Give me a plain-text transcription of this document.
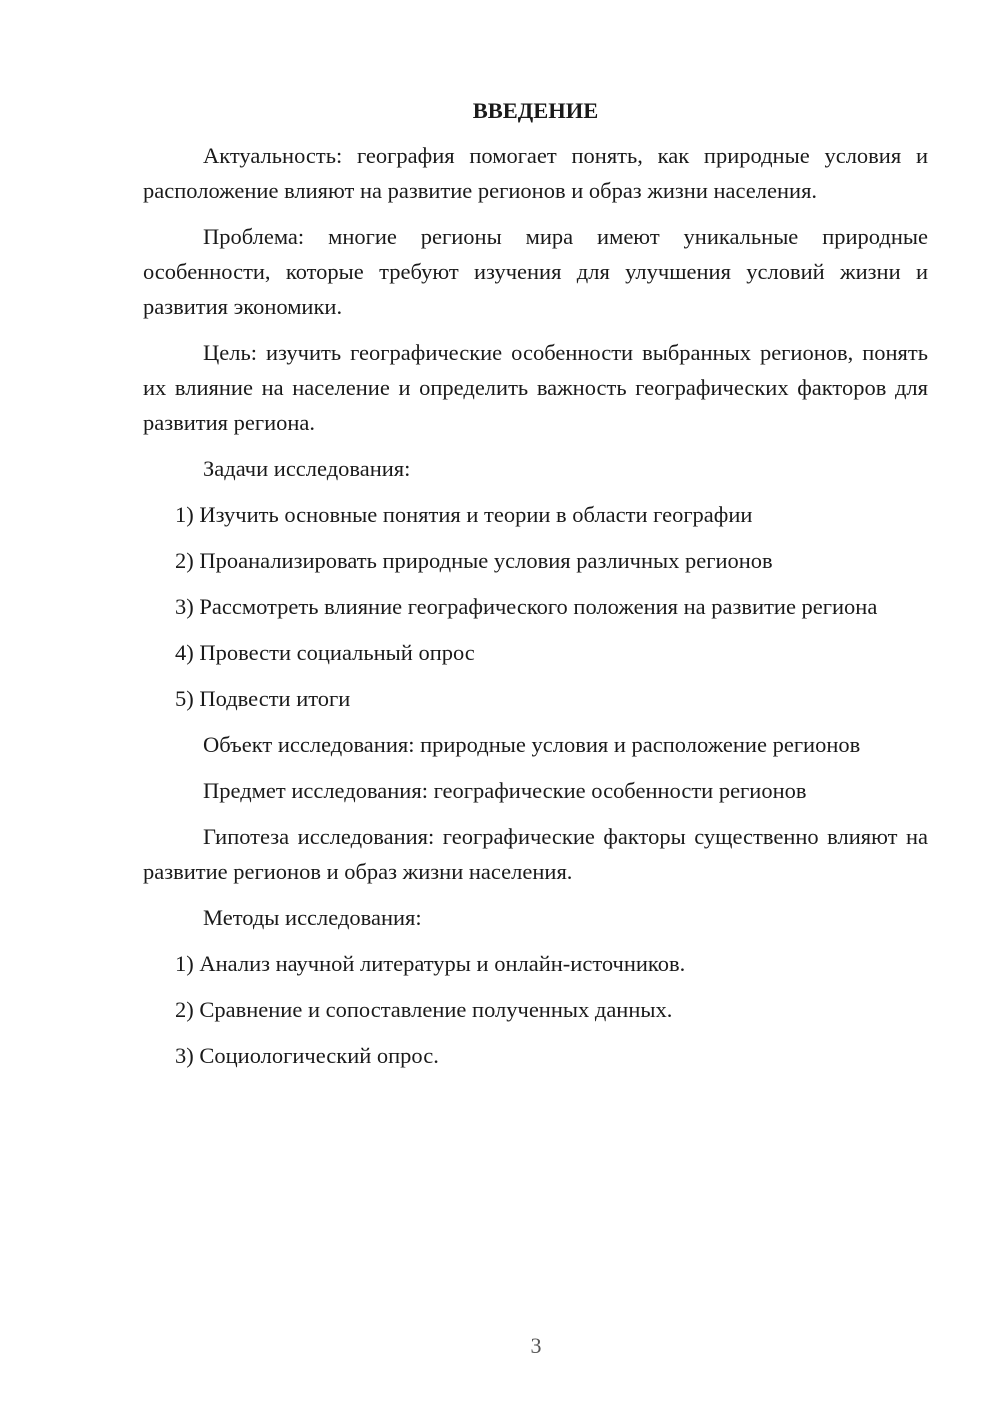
ВВЕДЕНИЕ

Актуальность: география помогает понять, как природные условия и расположение влияют на развитие регионов и образ жизни населения.

Проблема: многие регионы мира имеют уникальные природные особенности, которые требуют изучения для улучшения условий жизни и развития экономики.

Цель: изучить географические особенности выбранных регионов, понять их влияние на население и определить важность географических факторов для развития региона.

Задачи исследования:

1) Изучить основные понятия и теории в области географии

2) Проанализировать природные условия различных регионов

3) Рассмотреть влияние географического положения на развитие региона

4) Провести социальный опрос

5) Подвести итоги

Объект исследования: природные условия и расположение регионов

Предмет исследования: географические особенности регионов

Гипотеза исследования: географические факторы существенно влияют на развитие регионов и образ жизни населения.

Методы исследования:

1) Анализ научной литературы и онлайн-источников.

2) Сравнение и сопоставление полученных данных.

3) Социологический опрос.

3
